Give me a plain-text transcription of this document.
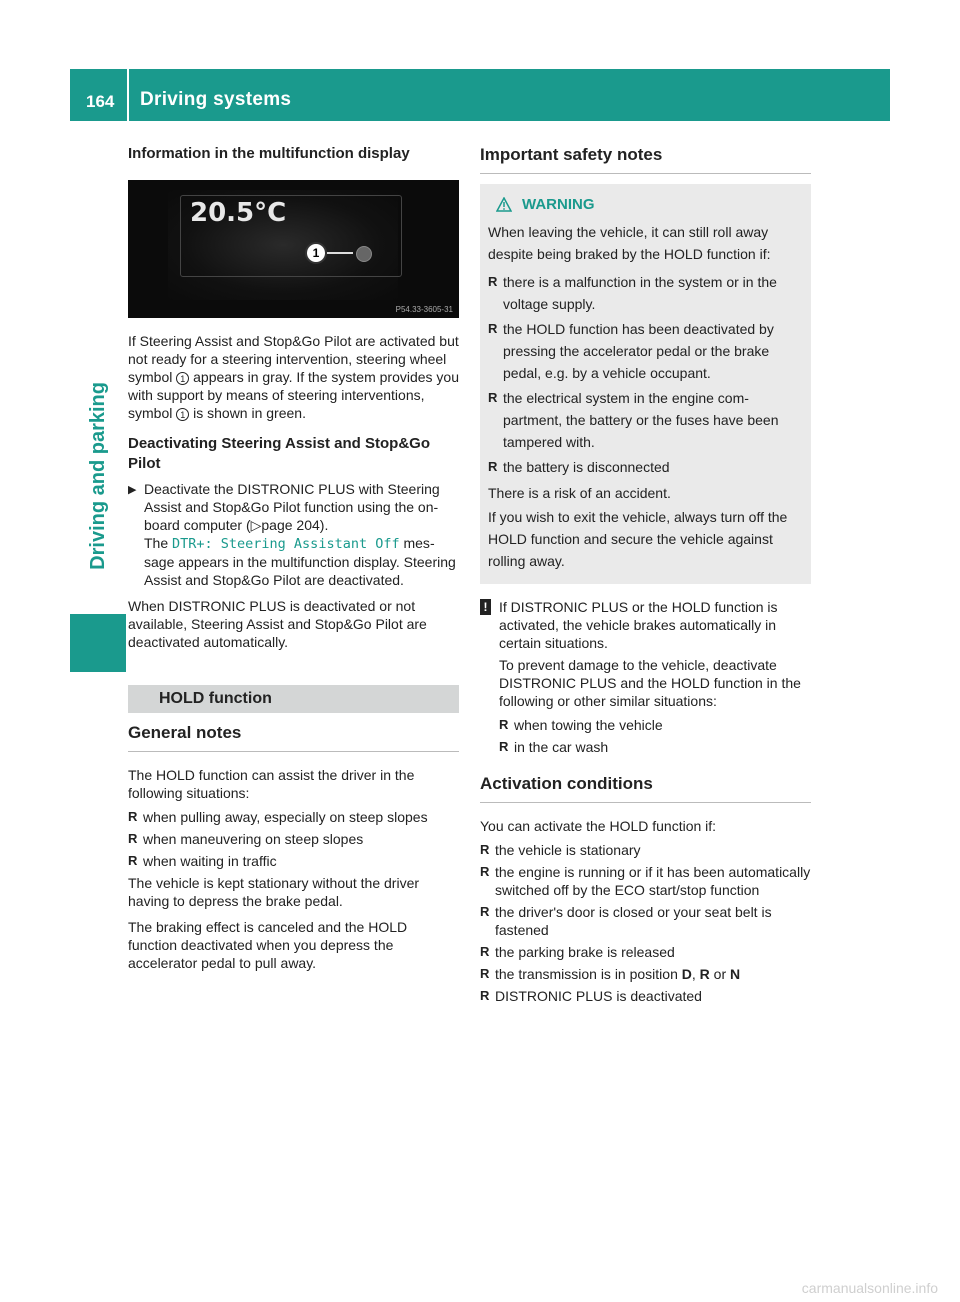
164 Driving systems
Driving and parking
Information in the multifunction display
20.5°C
1
P54.33-3605-31

If Steering Assist and Stop&Go Pilot are activated but not ready for a steering intervention, steering wheel symbol 1 appears in gray. If the system provides you with support by means of steering interventions, symbol 1 is shown in green.

Deactivating Steering Assist and Stop&Go Pilot
▶ Deactivate the DISTRONIC PLUS with Steering Assist and Stop&Go Pilot function using the on-board computer (▷page 204).
The DTR+: Steering Assistant Off message appears in the multifunction display. Steering Assist and Stop&Go Pilot are deactivated.

When DISTRONIC PLUS is deactivated or not available, Steering Assist and Stop&Go Pilot are deactivated automatically.

HOLD function
General notes

The HOLD function can assist the driver in the following situations:

R when pulling away, especially on steep slopes
R when maneuvering on steep slopes
R when waiting in traffic

The vehicle is kept stationary without the driver having to depress the brake pedal.

The braking effect is canceled and the HOLD function deactivated when you depress the accelerator pedal to pull away.

Important safety notes
WARNING

When leaving the vehicle, it can still roll away despite being braked by the HOLD function if:

R there is a malfunction in the system or in the voltage supply.
R the HOLD function has been deactivated by pressing the accelerator pedal or the brake pedal, e.g. by a vehicle occupant.
R the electrical system in the engine compartment, the battery or the fuses have been tampered with.
R the battery is disconnected

There is a risk of an accident.

If you wish to exit the vehicle, always turn off the HOLD function and secure the vehicle against rolling away.

! If DISTRONIC PLUS or the HOLD function is activated, the vehicle brakes automatically in certain situations.

To prevent damage to the vehicle, deactivate DISTRONIC PLUS and the HOLD function in the following or other similar situations:

R when towing the vehicle
R in the car wash
Activation conditions

You can activate the HOLD function if:

R the vehicle is stationary
R the engine is running or if it has been automatically switched off by the ECO start/stop function
R the driver's door is closed or your seat belt is fastened
R the parking brake is released
R the transmission is in position D, R or N
R DISTRONIC PLUS is deactivated
carmanualsonline.info
